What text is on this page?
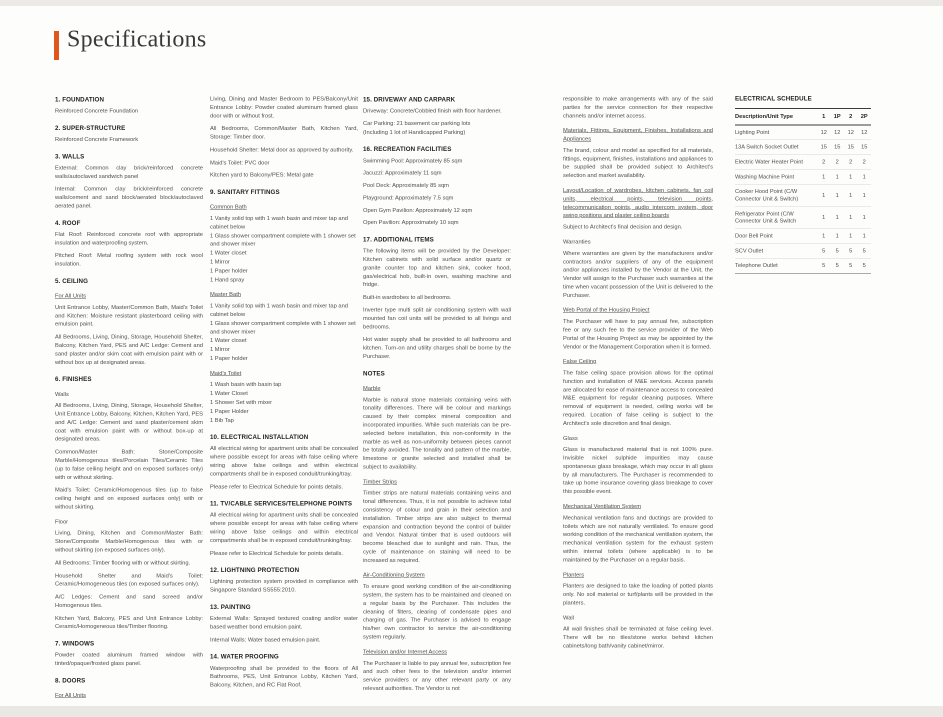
Specifications
1. FOUNDATION
Reinforced Concrete Foundation
2. SUPER-STRUCTURE
Reinforced Concrete Framework
3. WALLS
External: Common clay brick/reinforced concrete walls/autoclaved sandwich panel
Internal: Common clay brick/reinforced concrete walls/cement and sand block/aerated block/autoclaved aerated panel.
4. ROOF
Flat Roof: Reinforced concrete roof with appropriate insulation and waterproofing system.
Pitched Roof: Metal roofing system with rock wool insulation.
5. CEILING
For All Units
Unit Entrance Lobby, Master/Common Bath, Maid's Toilet and Kitchen: Moisture resistant plasterboard ceiling with emulsion paint.
All Bedrooms, Living, Dining, Storage, Household Shelter, Balcony, Kitchen Yard, PES and A/C Ledge: Cement and sand plaster and/or skim coat with emulsion paint with or without box up at designated areas.
6. FINISHES
Walls
All Bedrooms, Living, Dining, Storage, Household Shelter, Unit Entrance Lobby, Balcony, Kitchen, Kitchen Yard, PES and A/C Ledge: Cement and sand plaster/cement skim coat with emulsion paint with or without box-up at designated areas.
Common/Master Bath: Stone/Composite Marble/Homogenous tiles/Porcelain Tiles/Ceramic Tiles (up to false ceiling height and on exposed surfaces only) with or without skirting.
Maid's Toilet: Ceramic/Homogenous tiles (up to false ceiling height and on exposed surfaces only) with or without skirting.
Floor
Living, Dining, Kitchen and Common/Master Bath: Stone/Composite Marble/Homogenous tiles with or without skirting (on exposed surfaces only).
All Bedrooms: Timber flooring with or without skirting.
Household Shelter and Maid's Toilet: Ceramic/Homogeneous tiles (on exposed surfaces only).
A/C Ledges: Cement and sand screed and/or Homogenous tiles.
Kitchen Yard, Balcony, PES and Unit Entrance Lobby: Ceramic/Homogeneous tiles/Timber flooring.
7. WINDOWS
Powder coated aluminum framed window with tinted/opaque/frosted glass panel.
8. DOORS
For All Units
Living, Dining and Master Bedroom to PES/Balcony/Unit Entrance Lobby: Powder coated aluminum framed glass door with or without frost.
All Bedrooms, Common/Master Bath, Kitchen Yard, Storage: Timber door.
Household Shelter: Metal door as approved by authority.
Maid's Toilet: PVC door
Kitchen yard to Balcony/PES: Metal gate
9. SANITARY FITTINGS
Common Bath
1 Vanity solid top with 1 wash basin and mixer tap and cabinet below
1 Glass shower compartment complete with 1 shower set and shower mixer
1 Water closet
1 Mirror
1 Paper holder
1 Hand spray
Master Bath
1 Vanity solid top with 1 wash basin and mixer tap and cabinet below
1 Glass shower compartment complete with 1 shower set and shower mixer
1 Water closet
1 Mirror
1 Paper holder
Maid's Toilet
1 Wash basin with basin tap
1 Water Closet
1 Shower Set with mixer
1 Paper Holder
1 Bib Tap
10. ELECTRICAL INSTALLATION
All electrical wiring for apartment units shall be concealed where possible except for areas with false ceiling where wiring above false ceilings and within electrical compartments shall be in exposed conduit/trunking/tray.
Please refer to Electrical Schedule for points details.
11. TV/CABLE SERVICES/TELEPHONE POINTS
All electrical wiring for apartment units shall be concealed where possible except for areas with false ceiling where wiring above false ceilings and within electrical compartments shall be in exposed conduit/trunking/tray.
Please refer to Electrical Schedule for points details.
12. LIGHTNING PROTECTION
Lightning protection system provided in compliance with Singapore Standard SS555:2010.
13. PAINTING
External Walls: Sprayed textured coating and/or water based weather bond emulsion paint.
Internal Walls: Water based emulsion paint.
14. WATER PROOFING
Waterproofing shall be provided to the floors of All Bathrooms, PES, Unit Entrance Lobby, Kitchen Yard, Balcony, Kitchen, and RC Flat Roof.
15. DRIVEWAY AND CARPARK
Driveway: Concrete/Cobbled finish with floor hardener.
Car Parking: 21 basement car parking lots
(Including 1 lot of Handicapped Parking)
16. RECREATION FACILITIES
Swimming Pool: Approximately 85 sqm
Jacuzzi: Approximately 11 sqm
Pool Deck: Approximately 85 sqm
Playground: Approximately 7.5 sqm
Open Gym Pavilion: Approximately 12 sqm
Open Pavilion: Approximately 10 sqm
17. ADDITIONAL ITEMS
The following items will be provided by the Developer: Kitchen cabinets with solid surface and/or quartz or granite counter top and kitchen sink, cooker hood, gas/electrical hob, built-in oven, washing machine and fridge.
Built-in wardrobes to all bedrooms.
Inverter type multi split air conditioning system with wall mounted fan coil units will be provided to all livings and bedrooms.
Hot water supply shall be provided to all bathrooms and kitchen. Turn-on and utility charges shall be borne by the Purchaser.
NOTES
Marble
Marble is natural stone materials containing veins with tonality differences. There will be colour and markings caused by their complex mineral composition and incorporated impurities. While such materials can be pre-selected before installation, this non-conformity in the marble as well as non-uniformity between pieces cannot be totally avoided. The tonality and pattern of the marble, limestone or granite selected and installed shall be subject to availability.
Timber Strips
Timber strips are natural materials containing veins and tonal differences. Thus, it is not possible to achieve total consistency of colour and grain in their selection and installation. Timber strips are also subject to thermal expansion and contraction beyond the control of builder and Vendor. Natural timber that is used outdoors will become bleached due to sunlight and rain. Thus, the cycle of maintenance on staining will need to be increased as required.
Air-Conditioning System
To ensure good working condition of the air-conditioning system, the system has to be maintained and cleaned on a regular basis by the Purchaser. This includes the cleaning of filters, clearing of condensate pipes and charging of gas. The Purchaser is advised to engage his/her own contractor to service the air-conditioning system regularly.
Television and/or Internet Access
The Purchaser is liable to pay annual fee, subscription fee and such other fees to the television and/or internet service providers or any other relevant party or any relevant authorities. The Vendor is not
responsible to make arrangements with any of the said parties for the service connection for their respective channels and/or internet access.
Materials, Fittings, Equipment, Finishes, Installations and Appliances
The brand, colour and model as specified for all materials, fittings, equipment, finishes, installations and appliances to be supplied shall be provided subject to Architect's selection and market availability.
Layout/Location of wardrobes, kitchen cabinets, fan coil units, electrical points, television points, telecommunication points, audio intercom system, door swing positions and plaster ceiling boards
Subject to Architect's final decision and design.
Warranties
Where warranties are given by the manufacturers and/or contractors and/or suppliers of any of the equipment and/or appliances installed by the Vendor at the Unit, the Vendor will assign to the Purchaser such warranties at the time when vacant possession of the Unit is delivered to the Purchaser.
Web Portal of the Housing Project
The Purchaser will have to pay annual fee, subscription fee or any such fee to the service provider of the Web Portal of the Housing Project as may be appointed by the Vendor or the Management Corporation when it is formed.
False Ceiling
The false ceiling space provision allows for the optimal function and installation of M&E services. Access panels are allocated for ease of maintenance access to concealed M&E equipment for regular cleaning purposes. Where removal of equipment is needed, ceiling works will be required. Location of false ceiling is subject to the Architect's sole discretion and final design.
Glass
Glass is manufactured material that is not 100% pure. Invisible nickel sulphide impurities may cause spontaneous glass breakage, which may occur in all glass by all manufacturers. The Purchaser is recommended to take up home insurance covering glass breakage to cover this possible event.
Mechanical Ventilation System
Mechanical ventilation fans and ductings are provided to toilets which are not naturally ventilated. To ensure good working condition of the mechanical ventilation system, the mechanical ventilation system for the exhaust system within internal toilets (where applicable) is to be maintained by the Purchaser on a regular basis.
Planters
Planters are designed to take the loading of potted plants only. No soil material or turf/plants will be provided in the planters.
Wall
All wall finishes shall be terminated at false ceiling level. There will be no tiles/stone works behind kitchen cabinets/long bath/vanity cabinet/mirror.
ELECTRICAL SCHEDULE
Description/Unit Type	1	1P	2	2P
Lighting Point	12	12	12	12
13A Switch Socket Outlet	15	15	15	15
Electric Water Heater Point	2	2	2	2
Washing Machine Point	1	1	1	1
Cooker Hood Point (C/W Connector Unit & Switch)	1	1	1	1
Refrigerator Point (C/W Connector Unit & Switch	1	1	1	1
Door Bell Point	1	1	1	1
SCV Outlet	5	5	5	5
Telephone Outlet	5	5	5	5
